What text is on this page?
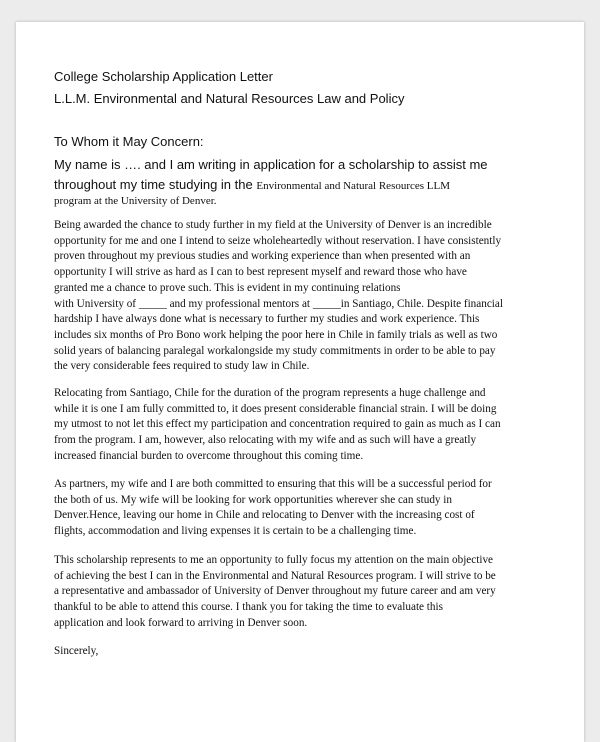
College Scholarship Application Letter
L.L.M. Environmental and Natural Resources Law and Policy
To Whom it May Concern:
My name is …. and I am writing in application for a scholarship to assist me
throughout my time studying in the Environmental and Natural Resources LLM
program at the University of Denver.
Being awarded the chance to study further in my field at the University of Denver is an incredible
opportunity for me and one I intend to seize wholeheartedly without reservation. I have consistently
proven throughout my previous studies and working experience than when presented with an
opportunity I will strive as hard as I can to best represent myself and reward those who have
granted me a chance to prove such. This is evident in my continuing relations
with University of _____ and my professional mentors at _____in Santiago, Chile. Despite financial
hardship I have always done what is necessary to further my studies and work experience. This
includes six months of Pro Bono work helping the poor here in Chile in family trials as well as two
solid years of balancing paralegal workalongside my study commitments in order to be able to pay
the very considerable fees required to study law in Chile.
Relocating from Santiago, Chile for the duration of the program represents a huge challenge and
while it is one I am fully committed to, it does present considerable financial strain. I will be doing
my utmost to not let this effect my participation and concentration required to gain as much as I can
from the program. I am, however, also relocating with my wife and as such will have a greatly
increased financial burden to overcome throughout this coming time.
As partners, my wife and I are both committed to ensuring that this will be a successful period for
the both of us. My wife will be looking for work opportunities wherever she can study in
Denver.Hence, leaving our home in Chile and relocating to Denver with the increasing cost of
flights, accommodation and living expenses it is certain to be a challenging time.
This scholarship represents to me an opportunity to fully focus my attention on the main objective
of achieving the best I can in the Environmental and Natural Resources program. I will strive to be
a representative and ambassador of University of Denver throughout my future career and am very
thankful to be able to attend this course. I thank you for taking the time to evaluate this
application and look forward to arriving in Denver soon.
Sincerely,
